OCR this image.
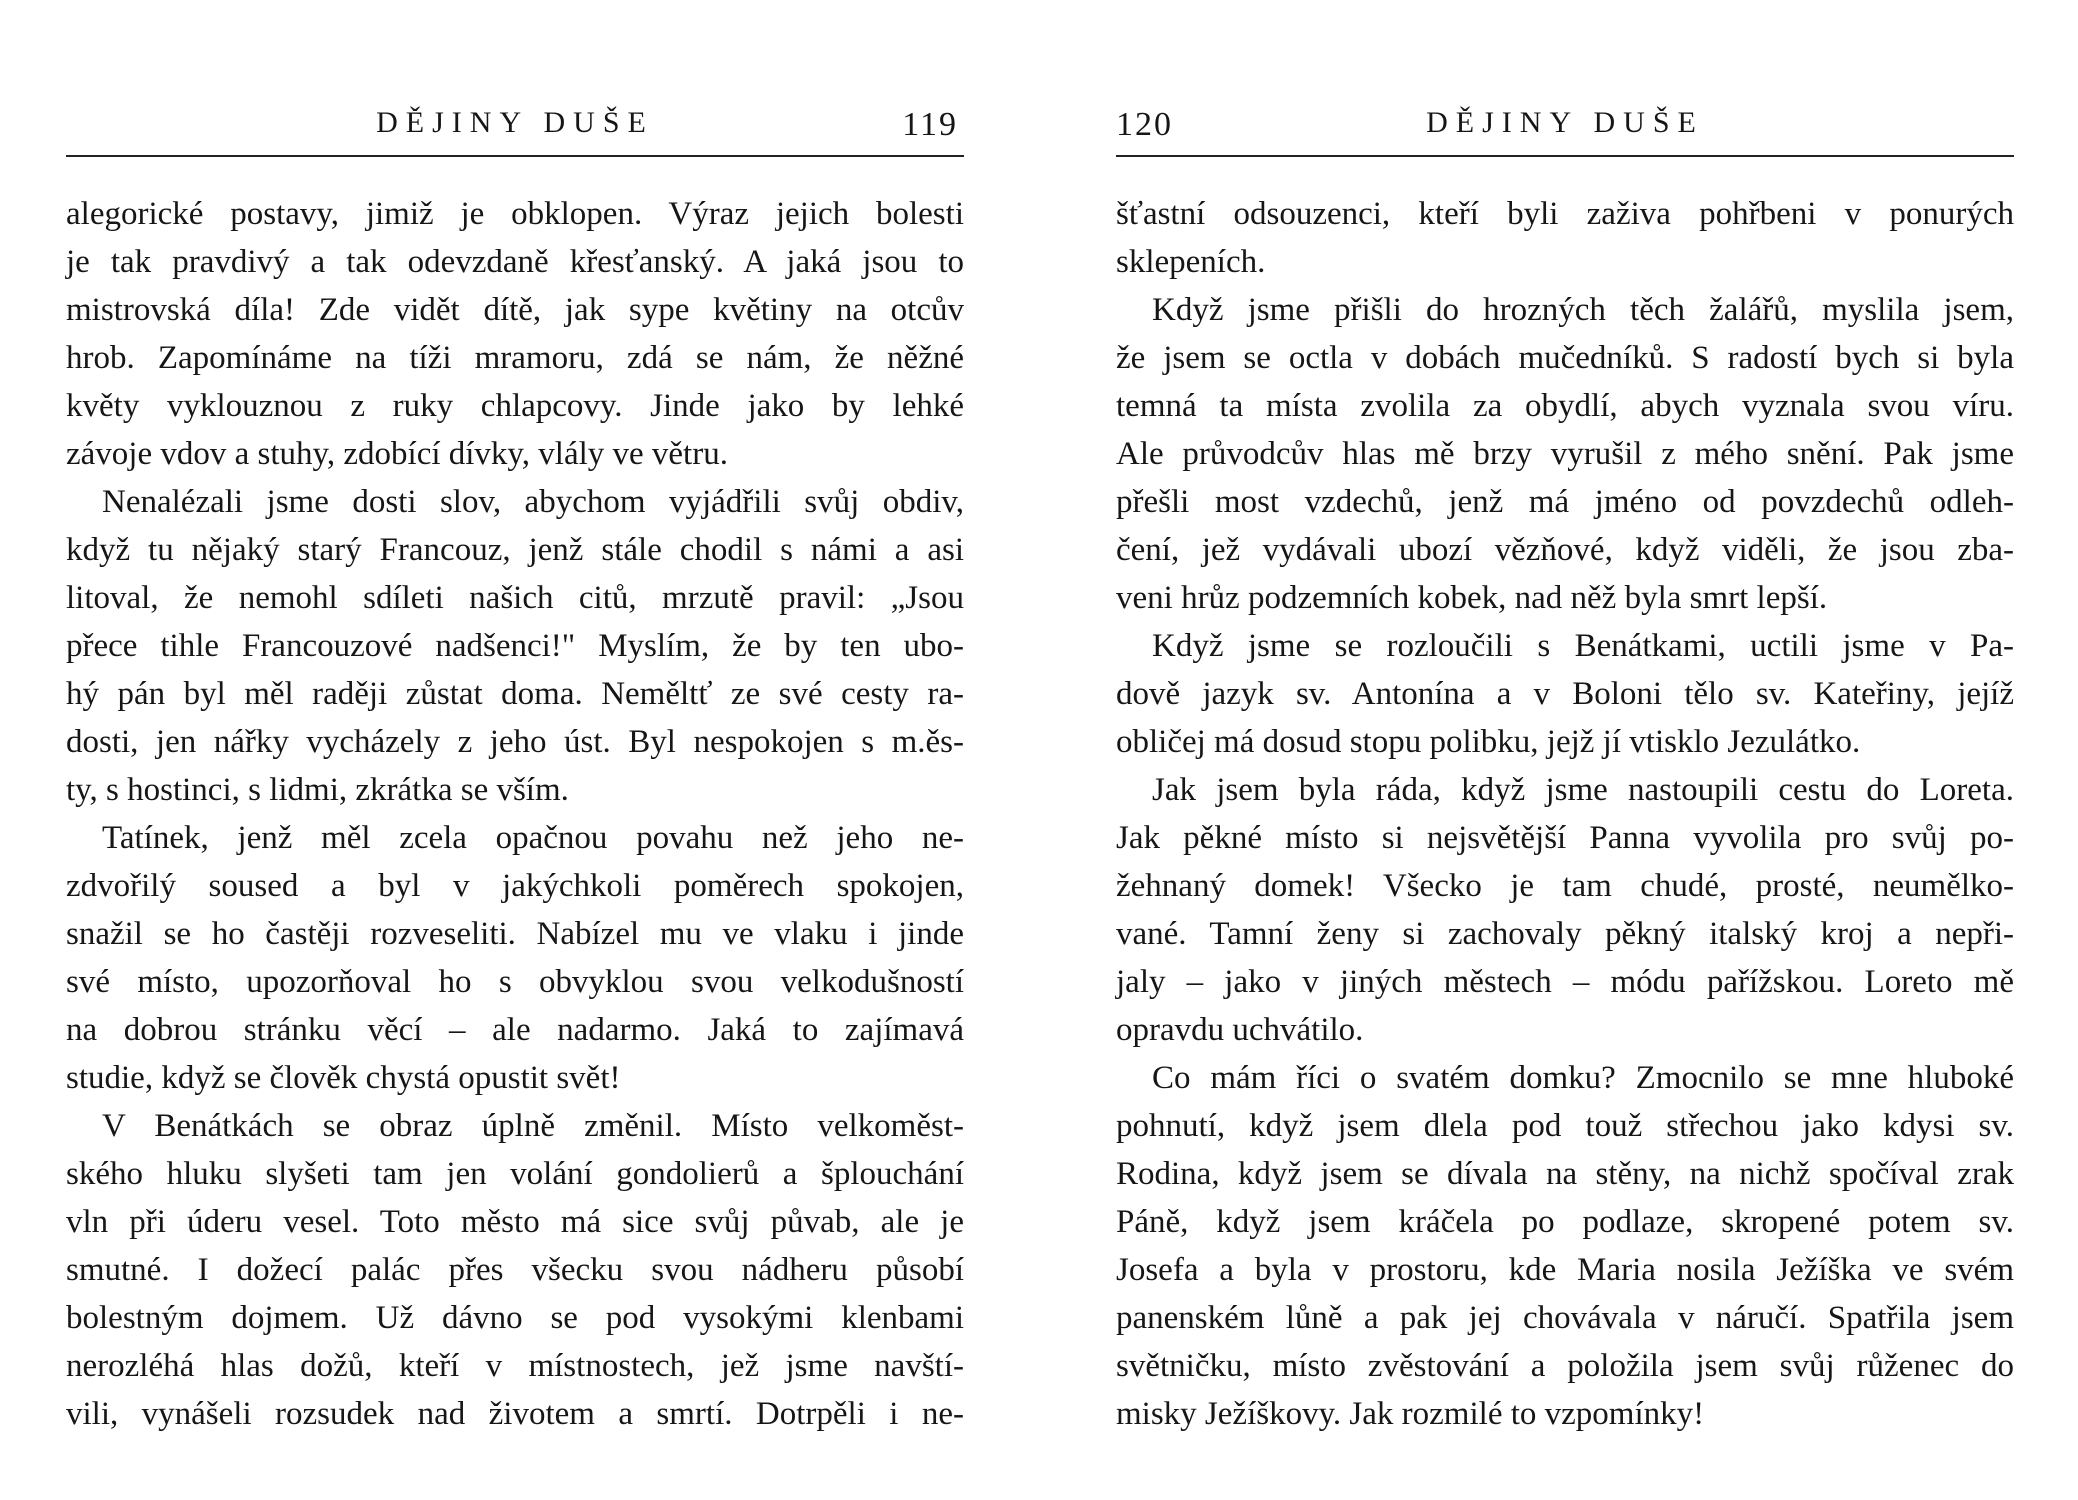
DĚJINY DUŠE	119
alegorické postavy, jimiž je obklopen. Výraz jejich bolesti
je tak pravdivý a tak odevzdaně křesťanský. A jaká jsou to
mistrovská díla! Zde vidět dítě, jak sype květiny na otcův
hrob. Zapomínáme na tíži mramoru, zdá se nám, že něžné
květy vyklouznou z ruky chlapcovy. Jinde jako by lehké
závoje vdov a stuhy, zdobící dívky, vlály ve větru.
Nenalézali jsme dosti slov, abychom vyjádřili svůj obdiv,
když tu nějaký starý Francouz, jenž stále chodil s námi a asi
litoval, že nemohl sdíleti našich citů, mrzutě pravil: „Jsou
přece tihle Francouzové nadšenci!" Myslím, že by ten ubo-
hý pán byl měl raději zůstat doma. Neměltť ze své cesty ra-
dosti, jen nářky vycházely z jeho úst. Byl nespokojen s m.ěs-
ty, s hostinci, s lidmi, zkrátka se vším.
Tatínek, jenž měl zcela opačnou povahu než jeho ne-
zdvořilý soused a byl v jakýchkoli poměrech spokojen,
snažil se ho častěji rozveseliti. Nabízel mu ve vlaku i jinde
své místo, upozorňoval ho s obvyklou svou velkodušností
na dobrou stránku věcí – ale nadarmo. Jaká to zajímavá
studie, když se člověk chystá opustit svět!
V Benátkách se obraz úplně změnil. Místo velkoměst-
ského hluku slyšeti tam jen volání gondolierů a šplouchání
vln při úderu vesel. Toto město má sice svůj půvab, ale je
smutné. I dožecí palác přes všecku svou nádheru působí
bolestným dojmem. Už dávno se pod vysokými klenbami
nerozléhá hlas dožů, kteří v místnostech, jež jsme navští-
vili, vynášeli rozsudek nad životem a smrtí. Dotrpěli i ne-
120	DĚJINY DUŠE
šťastní odsouzenci, kteří byli zaživa pohřbeni v ponurých
sklepeních.
Když jsme přišli do hrozných těch žalářů, myslila jsem,
že jsem se octla v dobách mučedníků. S radostí bych si byla
temná ta místa zvolila za obydlí, abych vyznala svou víru.
Ale průvodcův hlas mě brzy vyrušil z mého snění. Pak jsme
přešli most vzdechů, jenž má jméno od povzdechů odleh-
čení, jež vydávali ubozí vězňové, když viděli, že jsou zba-
veni hrůz podzemních kobek, nad něž byla smrt lepší.
Když jsme se rozloučili s Benátkami, uctili jsme v Pa-
dově jazyk sv. Antonína a v Boloni tělo sv. Kateřiny, jejíž
obličej má dosud stopu polibku, jejž jí vtisklo Jezulátko.
Jak jsem byla ráda, když jsme nastoupili cestu do Loreta.
Jak pěkné místo si nejsvětější Panna vyvolila pro svůj po-
žehnaný domek! Všecko je tam chudé, prosté, neumělko-
vané. Tamní ženy si zachovaly pěkný italský kroj a nepři-
jaly – jako v jiných městech – módu pařížskou. Loreto mě
opravdu uchvátilo.
Co mám říci o svatém domku? Zmocnilo se mne hluboké
pohnutí, když jsem dlela pod touž střechou jako kdysi sv.
Rodina, když jsem se dívala na stěny, na nichž spočíval zrak
Páně, když jsem kráčela po podlaze, skropené potem sv.
Josefa a byla v prostoru, kde Maria nosila Ježíška ve svém
panenském lůně a pak jej chovávala v náručí. Spatřila jsem
světničku, místo zvěstování a položila jsem svůj růženec do
misky Ježíškovy. Jak rozmilé to vzpomínky!
